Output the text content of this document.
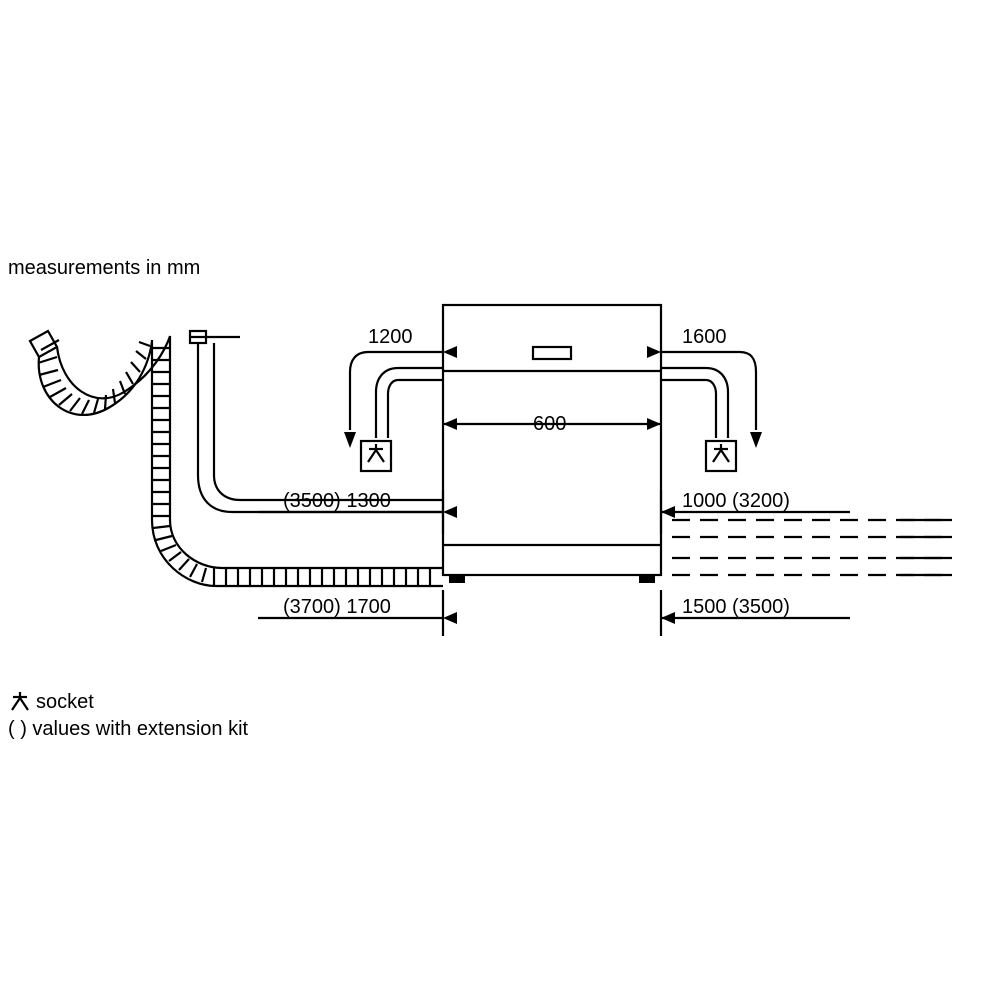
measurements in mm
1200	1600
600
(3500) 1300	1000 (3200)
(3700) 1700	1500 (3500)
socket
( ) values with extension kit
